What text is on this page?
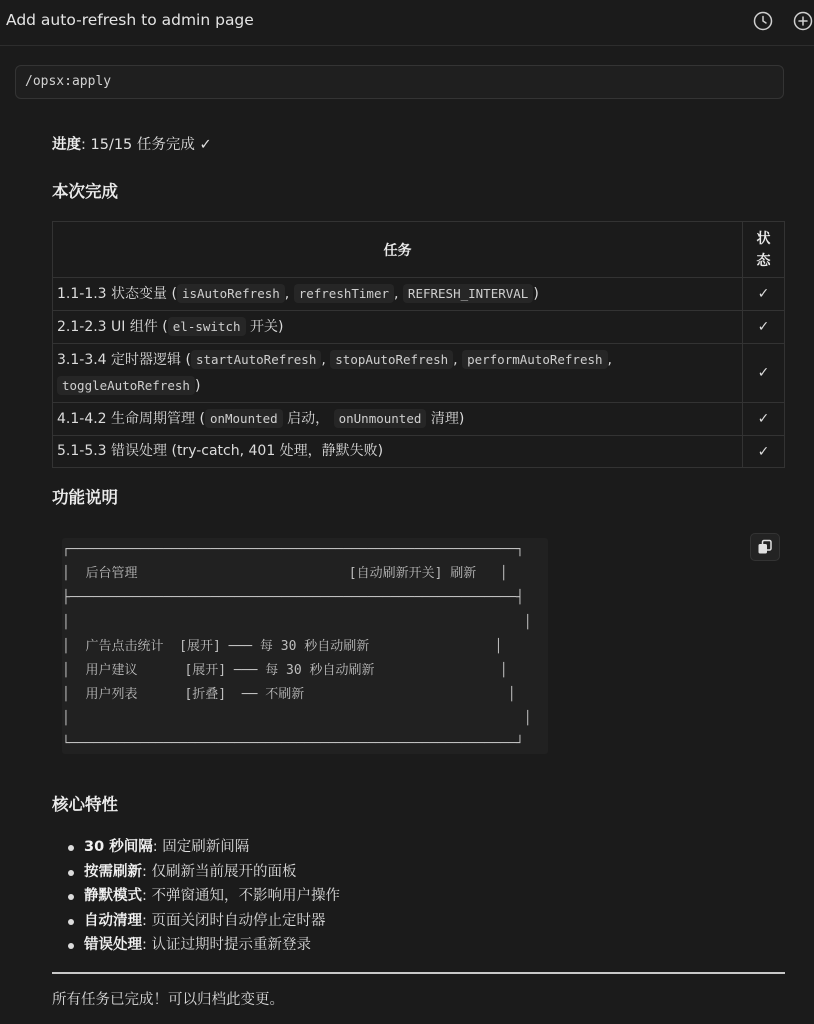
Add auto-refresh to admin page
/opsx:apply
进度: 15/15 任务完成 ✓
本次完成
任务	状
态
1.1-1.3 状态变量 ( isAutoRefresh , refreshTimer , REFRESH_INTERVAL )	✓
2.1-2.3 UI 组件 ( el-switch 开关)	✓
3.1-3.4 定时器逻辑 ( startAutoRefresh , stopAutoRefresh , performAutoRefresh ,
toggleAutoRefresh )	✓
4.1-4.2 生命周期管理 ( onMounted 启动， onUnmounted 清理)	✓
5.1-5.3 错误处理 (try-catch, 401 处理，静默失败)	✓
功能说明
┌─────────────────────────────────────────────────────────┐
│  后台管理                           [自动刷新开关] 刷新   │
├─────────────────────────────────────────────────────────┤
│                                                          │
│  广告点击统计  [展开] ─── 每 30 秒自动刷新                │
│  用户建议      [展开] ─── 每 30 秒自动刷新                │
│  用户列表      [折叠]  ── 不刷新                          │
│                                                          │
└─────────────────────────────────────────────────────────┘
核心特性
30 秒间隔: 固定刷新间隔
按需刷新: 仅刷新当前展开的面板
静默模式: 不弹窗通知，不影响用户操作
自动清理: 页面关闭时自动停止定时器
错误处理: 认证过期时提示重新登录
所有任务已完成！可以归档此变更。
